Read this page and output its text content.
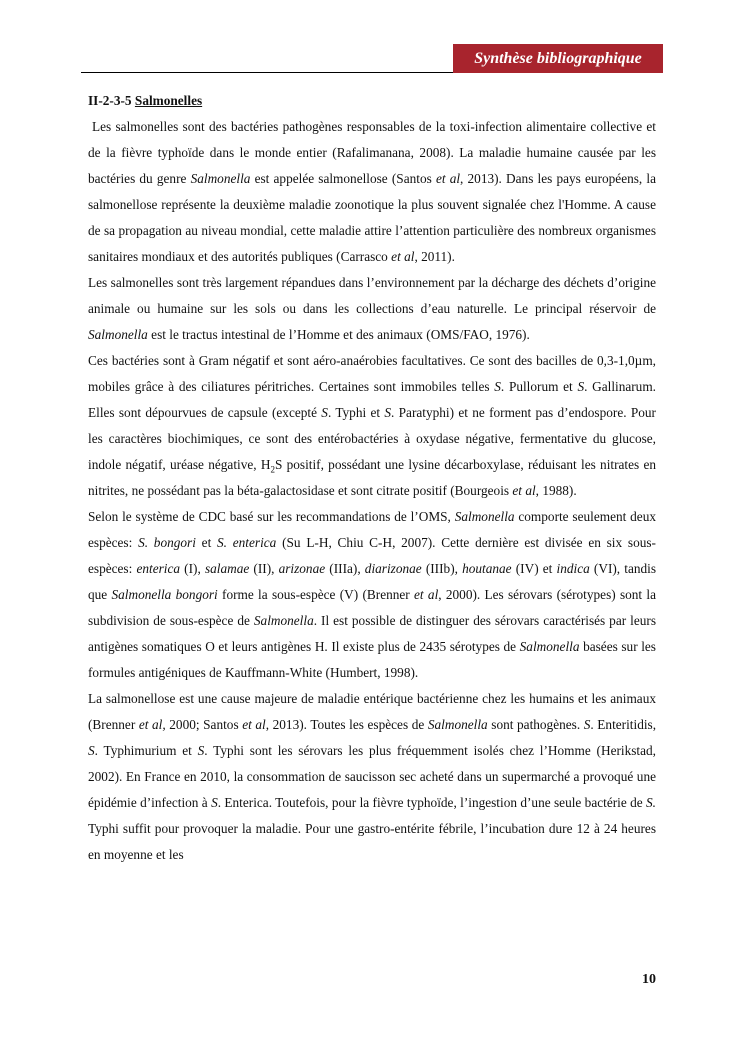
Synthèse bibliographique
II-2-3-5 Salmonelles

Les salmonelles sont des bactéries pathogènes responsables de la toxi-infection alimentaire collective et de la fièvre typhoïde dans le monde entier (Rafalimanana, 2008). La maladie humaine causée par les bactéries du genre Salmonella est appelée salmonellose (Santos et al, 2013). Dans les pays européens, la salmonellose représente la deuxième maladie zoonotique la plus souvent signalée chez l'Homme. A cause de sa propagation au niveau mondial, cette maladie attire l’attention particulière des nombreux organismes sanitaires mondiaux et des autorités publiques (Carrasco et al, 2011).

Les salmonelles sont très largement répandues dans l’environnement par la décharge des déchets d’origine animale ou humaine sur les sols ou dans les collections d’eau naturelle. Le principal réservoir de Salmonella est le tractus intestinal de l’Homme et des animaux (OMS/FAO, 1976).

Ces bactéries sont à Gram négatif et sont aéro-anaérobies facultatives. Ce sont des bacilles de 0,3-1,0µm, mobiles grâce à des ciliatures péritriches. Certaines sont immobiles telles S. Pullorum et S. Gallinarum. Elles sont dépourvues de capsule (excepté S. Typhi et S. Paratyphi) et ne forment pas d’endospore. Pour les caractères biochimiques, ce sont des entérobactéries à oxydase négative, fermentative du glucose, indole négatif, uréase négative, $H_2S$ positif, possédant une lysine décarboxylase, réduisant les nitrates en nitrites, ne possédant pas la béta-galactosidase et sont citrate positif (Bourgeois et al, 1988).

Selon le système de CDC basé sur les recommandations de l’OMS, Salmonella comporte seulement deux espèces: S. bongori et S. enterica (Su L-H, Chiu C-H, 2007). Cette dernière est divisée en six sous-espèces: enterica (I), salamae (II), arizonae (IIIa), diarizonae (IIIb), houtanae (IV) et indica (VI), tandis que Salmonella bongori forme la sous-espèce (V) (Brenner et al, 2000). Les sérovars (sérotypes) sont la subdivision de sous-espèce de Salmonella. Il est possible de distinguer des sérovars caractérisés par leurs antigènes somatiques O et leurs antigènes H. Il existe plus de 2435 sérotypes de Salmonella basées sur les formules antigéniques de Kauffmann-White (Humbert, 1998).

La salmonellose est une cause majeure de maladie entérique bactérienne chez les humains et les animaux (Brenner et al, 2000; Santos et al, 2013). Toutes les espèces de Salmonella sont pathogènes. S. Enteritidis, S. Typhimurium et S. Typhi sont les sérovars les plus fréquemment isolés chez l’Homme (Herikstad, 2002). En France en 2010, la consommation de saucisson sec acheté dans un supermarché a provoqué une épidémie d’infection à S. Enterica. Toutefois, pour la fièvre typhoïde, l’ingestion d’une seule bactérie de S. Typhi suffit pour provoquer la maladie. Pour une gastro-entérite fébrile, l’incubation dure 12 à 24 heures en moyenne et les

10
